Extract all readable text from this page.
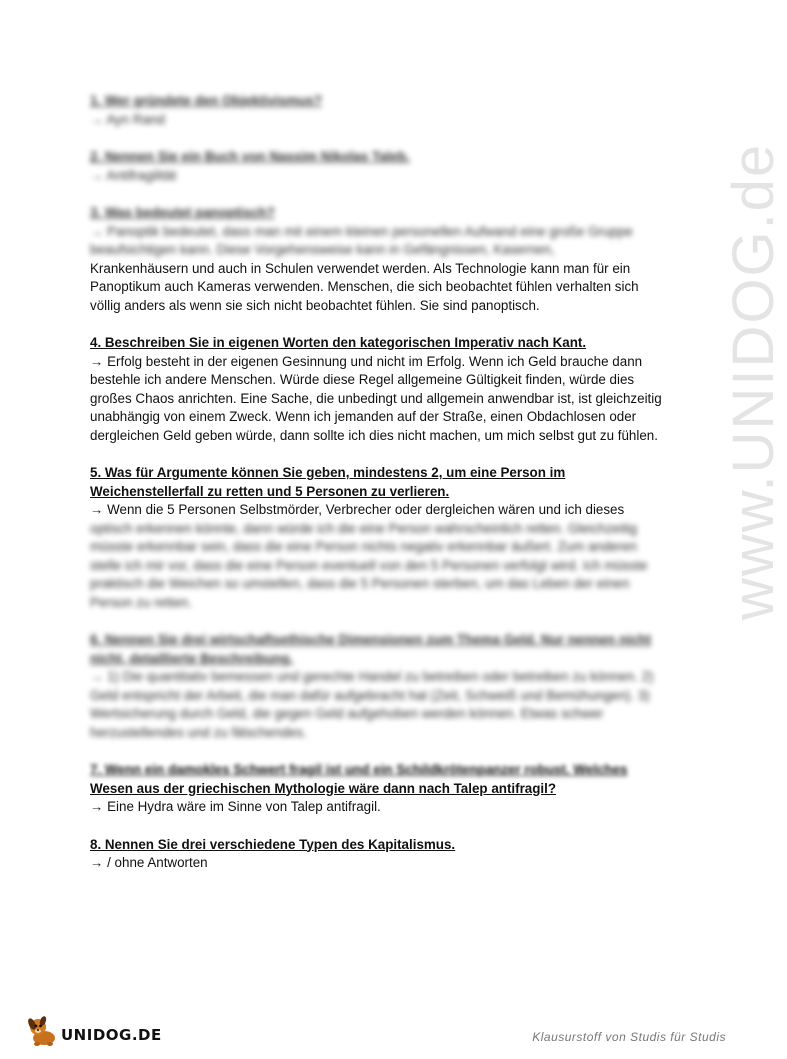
www.UNIDOG.de

1. Wer gründete den Objektivismus?

→ Ayn Rand

2. Nennen Sie ein Buch von Nassim Nikolas Taleb.

→ Antifragilität

3. Was bedeutet panoptisch?

→ Panoptik bedeutet, dass man mit einem kleinen personellen Aufwand eine große Gruppe beaufsichtigen kann. Diese Vorgehensweise kann in Gefängnissen, Kasernen,

Krankenhäusern und auch in Schulen verwendet werden. Als Technologie kann man für ein Panoptikum auch Kameras verwenden. Menschen, die sich beobachtet fühlen verhalten sich völlig anders als wenn sie sich nicht beobachtet fühlen. Sie sind panoptisch.

4. Beschreiben Sie in eigenen Worten den kategorischen Imperativ nach Kant.

→ Erfolg besteht in der eigenen Gesinnung und nicht im Erfolg. Wenn ich Geld brauche dann bestehle ich andere Menschen. Würde diese Regel allgemeine Gültigkeit finden, würde dies großes Chaos anrichten. Eine Sache, die unbedingt und allgemein anwendbar ist, ist gleichzeitig unabhängig von einem Zweck. Wenn ich jemanden auf der Straße, einen Obdachlosen oder dergleichen Geld geben würde, dann sollte ich dies nicht machen, um mich selbst gut zu fühlen.

5. Was für Argumente können Sie geben, mindestens 2, um eine Person im Weichenstellerfall zu retten und 5 Personen zu verlieren.

→ Wenn die 5 Personen Selbstmörder, Verbrecher oder dergleichen wären und ich dieses

optisch erkennen könnte, dann würde ich die eine Person wahrscheinlich retten. Gleichzeitig müsste erkennbar sein, dass die eine Person nichts negativ erkennbar äußert. Zum anderen stelle ich mir vor, dass die eine Person eventuell von den 5 Personen verfolgt wird. Ich müsste praktisch die Weichen so umstellen, dass die 5 Personen sterben, um das Leben der einen Person zu retten.

6. Nennen Sie drei wirtschaftsethische Dimensionen zum Thema Geld. Nur nennen nicht nicht, detaillierte Beschreibung.

→ 1) Die quantitativ bemessen und gerechte Handel zu betreiben oder betreiben zu können. 2) Geld entspricht der Arbeit, die man dafür aufgebracht hat (Zeit, Schweiß und Bemühungen). 3) Wertsicherung durch Geld, die gegen Geld aufgehoben werden können. Etwas schwer herzustellendes und zu fälschendes.

7. Wenn ein damokles Schwert fragil ist und ein Schildkrötenpanzer robust. Welches

Wesen aus der griechischen Mythologie wäre dann nach Talep antifragil?

→ Eine Hydra wäre im Sinne von Talep antifragil.

8. Nennen Sie drei verschiedene Typen des Kapitalismus.

→ / ohne Antworten

UNIDOG.DE	Klausurstoff von Studis für Studis
